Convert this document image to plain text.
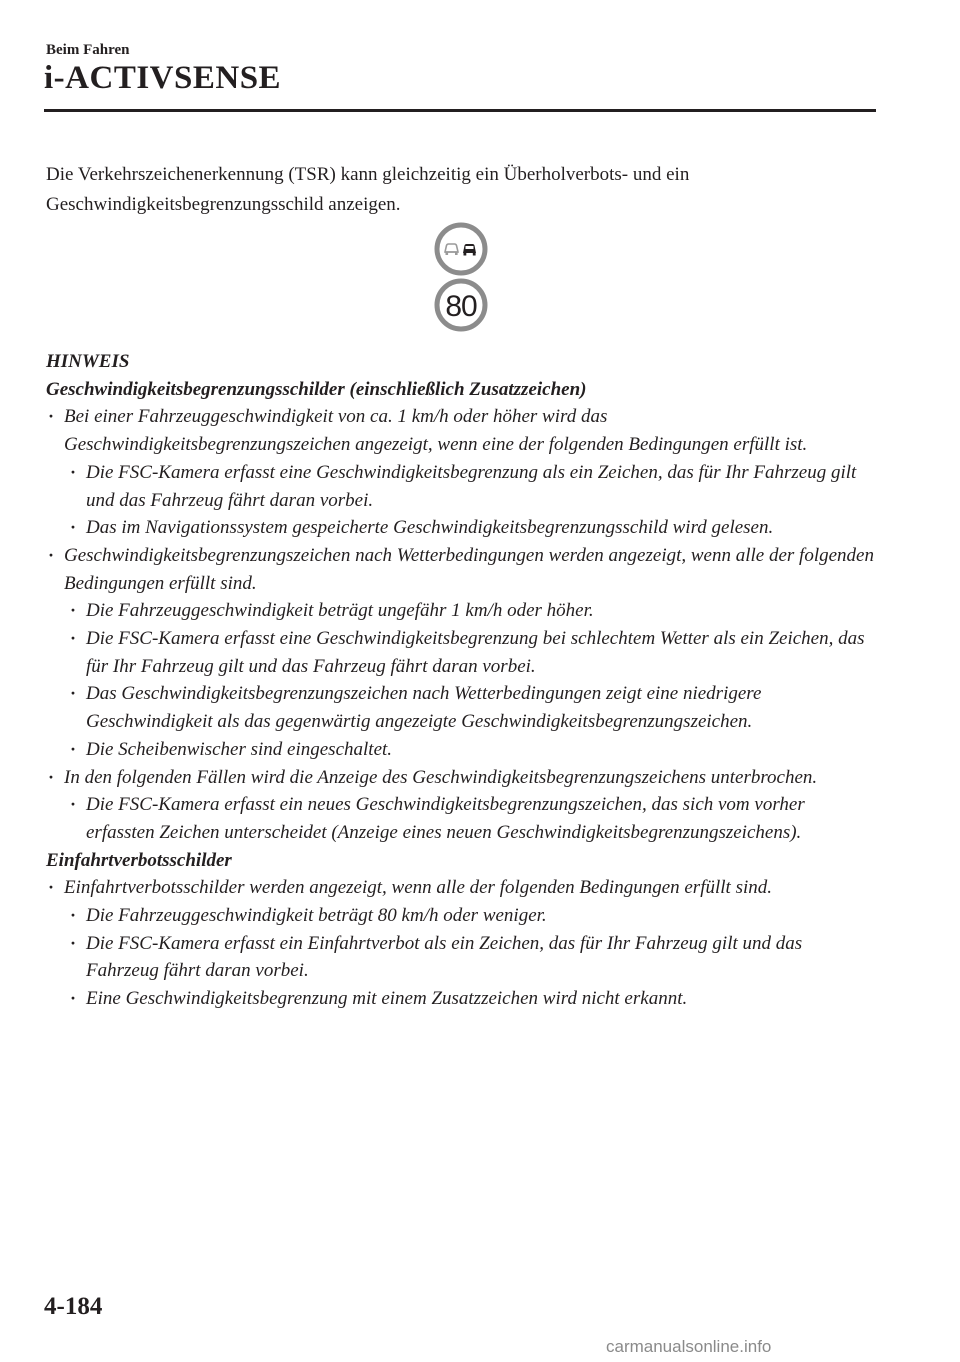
Beim Fahren
i-ACTIVSENSE
Die Verkehrszeichenerkennung (TSR) kann gleichzeitig ein Überholverbots- und ein
Geschwindigkeitsbegrenzungsschild anzeigen.
80

HINWEIS

Geschwindigkeitsbegrenzungsschilder (einschließlich Zusatzzeichen)

· Bei einer Fahrzeuggeschwindigkeit von ca. 1 km/h oder höher wird das Geschwindigkeitsbegrenzungszeichen angezeigt, wenn eine der folgenden Bedingungen erfüllt ist.

· Die FSC-Kamera erfasst eine Geschwindigkeitsbegrenzung als ein Zeichen, das für Ihr Fahrzeug gilt und das Fahrzeug fährt daran vorbei.

· Das im Navigationssystem gespeicherte Geschwindigkeitsbegrenzungsschild wird gelesen.

· Geschwindigkeitsbegrenzungszeichen nach Wetterbedingungen werden angezeigt, wenn alle der folgenden Bedingungen erfüllt sind.

· Die Fahrzeuggeschwindigkeit beträgt ungefähr 1 km/h oder höher.

· Die FSC-Kamera erfasst eine Geschwindigkeitsbegrenzung bei schlechtem Wetter als ein Zeichen, das für Ihr Fahrzeug gilt und das Fahrzeug fährt daran vorbei.

· Das Geschwindigkeitsbegrenzungszeichen nach Wetterbedingungen zeigt eine niedrigere Geschwindigkeit als das gegenwärtig angezeigte Geschwindigkeitsbegrenzungszeichen.

· Die Scheibenwischer sind eingeschaltet.

· In den folgenden Fällen wird die Anzeige des Geschwindigkeitsbegrenzungszeichens unterbrochen.

· Die FSC-Kamera erfasst ein neues Geschwindigkeitsbegrenzungszeichen, das sich vom vorher erfassten Zeichen unterscheidet (Anzeige eines neuen Geschwindigkeitsbegrenzungszeichens).

Einfahrtverbotsschilder

· Einfahrtverbotsschilder werden angezeigt, wenn alle der folgenden Bedingungen erfüllt sind.

· Die Fahrzeuggeschwindigkeit beträgt 80 km/h oder weniger.

· Die FSC-Kamera erfasst ein Einfahrtverbot als ein Zeichen, das für Ihr Fahrzeug gilt und das Fahrzeug fährt daran vorbei.

· Eine Geschwindigkeitsbegrenzung mit einem Zusatzzeichen wird nicht erkannt.

4-184
carmanualsonline.info
